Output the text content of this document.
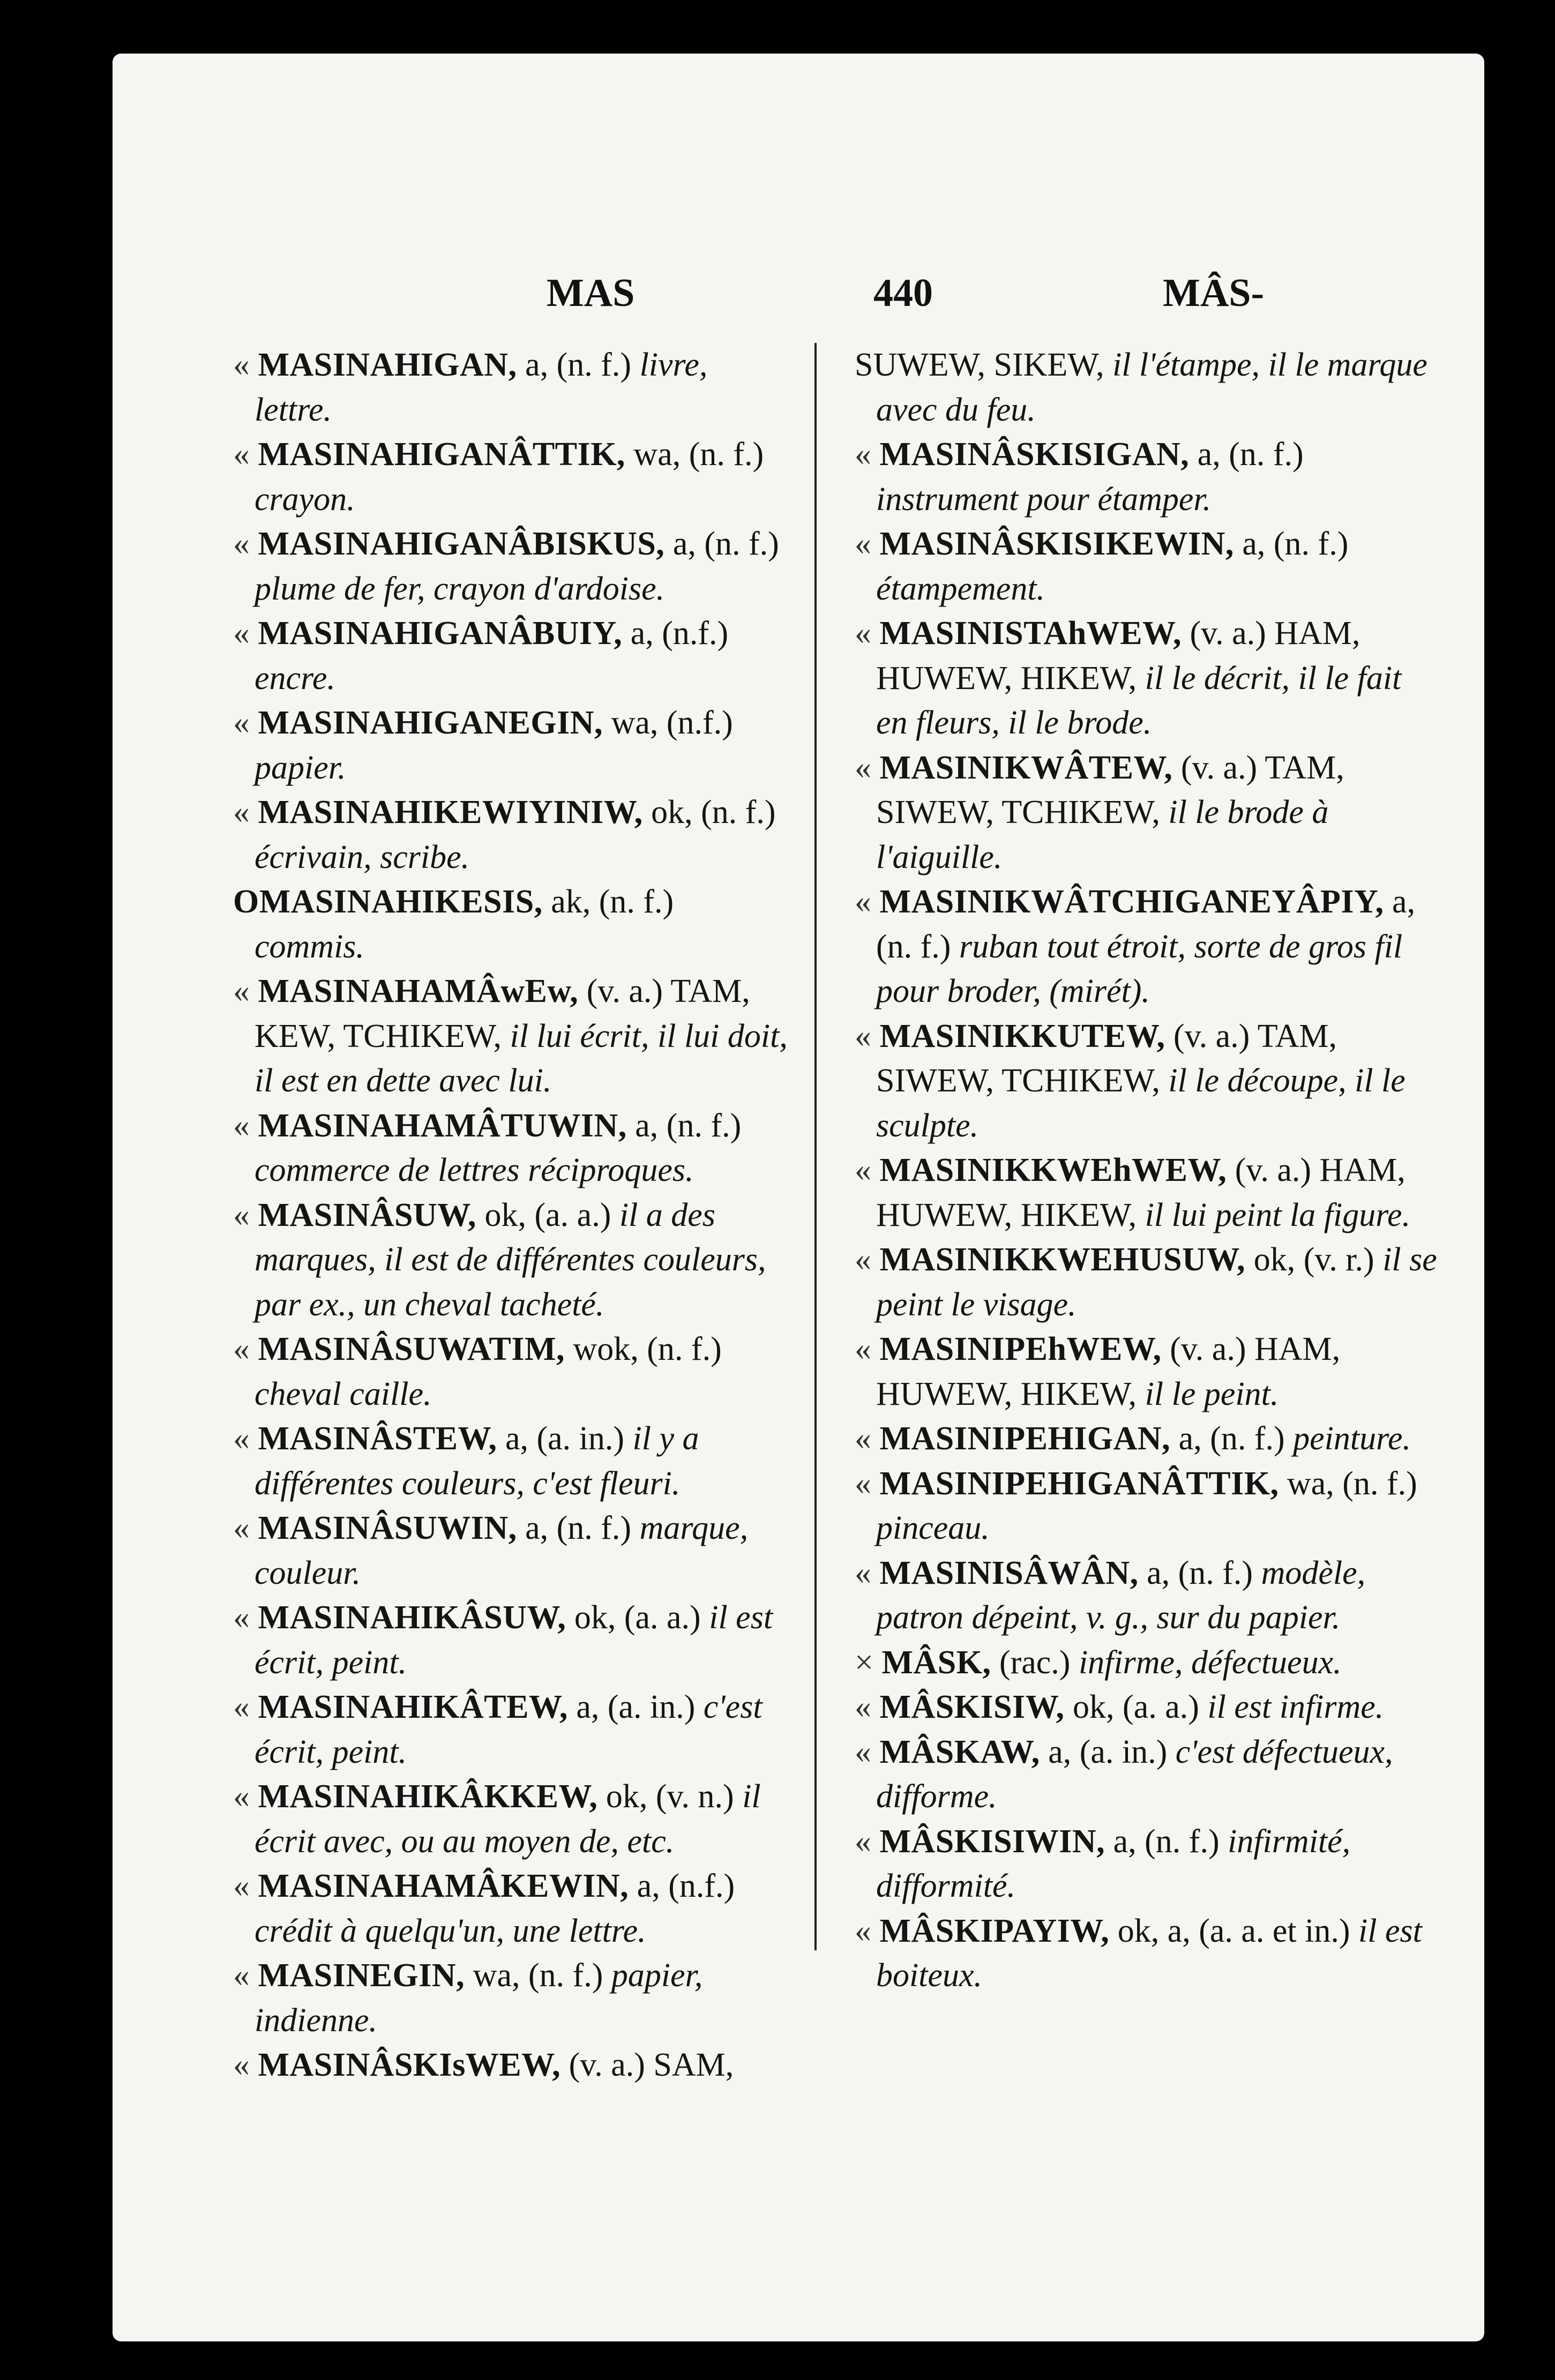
MAS	440	MÂS-

« MASINAHIGAN, a, (n. f.) livre, lettre.

« MASINAHIGANÂTTIK, wa, (n. f.) crayon.

« MASINAHIGANÂBISKUS, a, (n. f.) plume de fer, crayon d'ardoise.

« MASINAHIGANÂBUIY, a, (n.f.) encre.

« MASINAHIGANEGIN, wa, (n.f.) papier.

« MASINAHIKEWIYINIW, ok, (n. f.) écrivain, scribe.

OMASINAHIKESIS, ak, (n. f.) commis.

« MASINAHAMÂwEw, (v. a.) TAM, KEW, TCHIKEW, il lui écrit, il lui doit, il est en dette avec lui.

« MASINAHAMÂTUWIN, a, (n. f.) commerce de lettres réciproques.

« MASINÂSUW, ok, (a. a.) il a des marques, il est de différentes couleurs, par ex., un cheval tacheté.

« MASINÂSUWATIM, wok, (n. f.) cheval caille.

« MASINÂSTEW, a, (a. in.) il y a différentes couleurs, c'est fleuri.

« MASINÂSUWIN, a, (n. f.) marque, couleur.

« MASINAHIKÂSUW, ok, (a. a.) il est écrit, peint.

« MASINAHIKÂTEW, a, (a. in.) c'est écrit, peint.

« MASINAHIKÂKKEW, ok, (v. n.) il écrit avec, ou au moyen de, etc.

« MASINAHAMÂKEWIN, a, (n.f.) crédit à quelqu'un, une lettre.

« MASINEGIN, wa, (n. f.) papier, indienne.

« MASINÂSKIsWEW, (v. a.) SAM,

SUWEW, SIKEW, il l'étampe, il le marque avec du feu.

« MASINÂSKISIGAN, a, (n. f.) instrument pour étamper.

« MASINÂSKISIKEWIN, a, (n. f.) étampement.

« MASINISTAhWEW, (v. a.) HAM, HUWEW, HIKEW, il le décrit, il le fait en fleurs, il le brode.

« MASINIKWÂTEW, (v. a.) TAM, SIWEW, TCHIKEW, il le brode à l'aiguille.

« MASINIKWÂTCHIGANEYÂPIY, a, (n. f.) ruban tout étroit, sorte de gros fil pour broder, (mirét).

« MASINIKKUTEW, (v. a.) TAM, SIWEW, TCHIKEW, il le découpe, il le sculpte.

« MASINIKKWEhWEW, (v. a.) HAM, HUWEW, HIKEW, il lui peint la figure.

« MASINIKKWEHUSUW, ok, (v. r.) il se peint le visage.

« MASINIPEhWEW, (v. a.) HAM, HUWEW, HIKEW, il le peint.

« MASINIPEHIGAN, a, (n. f.) peinture.

« MASINIPEHIGANÂTTIK, wa, (n. f.) pinceau.

« MASINISÂWÂN, a, (n. f.) modèle, patron dépeint, v. g., sur du papier.

× MÂSK, (rac.) infirme, défectueux.

« MÂSKISIW, ok, (a. a.) il est infirme.

« MÂSKAW, a, (a. in.) c'est défectueux, difforme.

« MÂSKISIWIN, a, (n. f.) infirmité, difformité.

« MÂSKIPAYIW, ok, a, (a. a. et in.) il est boiteux.
